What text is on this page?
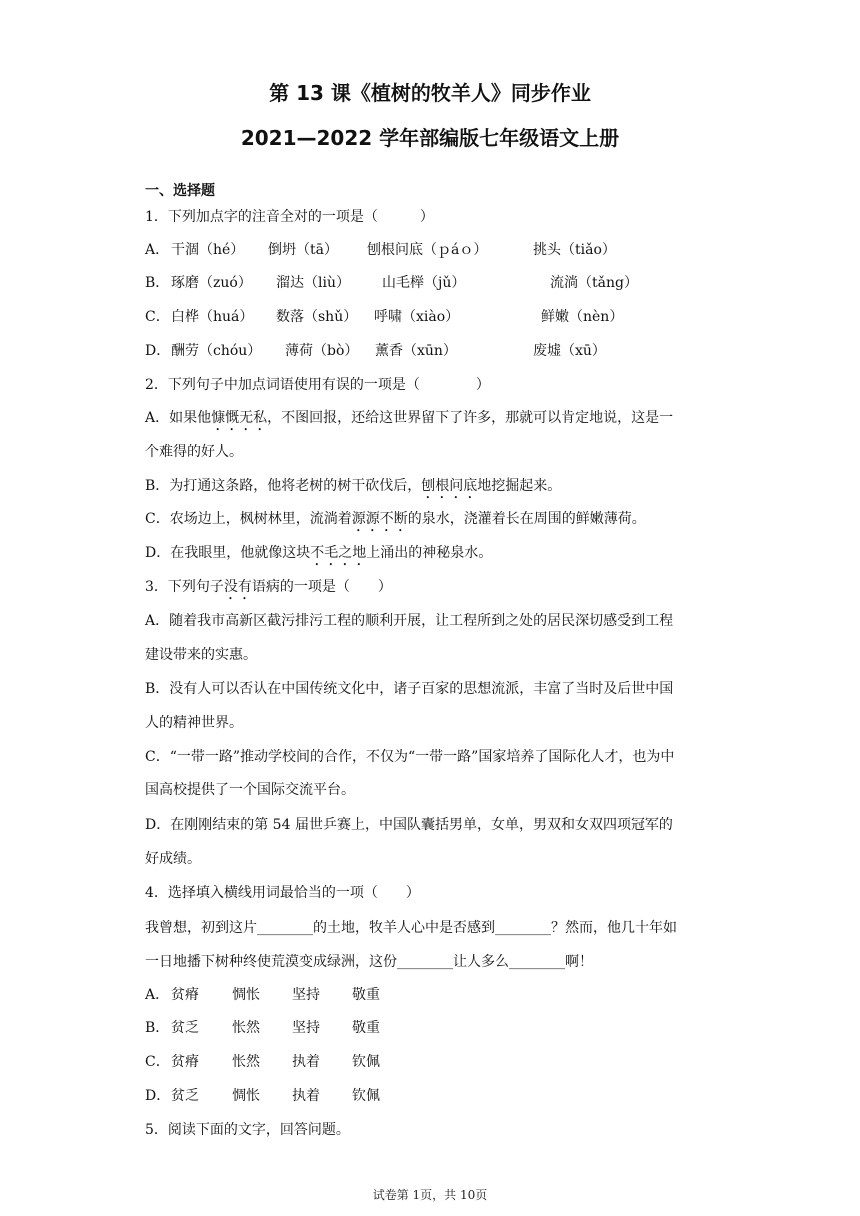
第 13 课《植树的牧羊人》同步作业
2021—2022 学年部编版七年级语文上册
一、选择题
1．下列加点字的注音全对的一项是（　　　）
A． 干涸（hé） 倒坍（tā） 刨根问底（ｐáｏ）	挑头（tiǎo）
B． 琢磨（zuó） 溜达（liù） 山毛榉（jǔ）	流淌（tǎng）
C． 白桦（huá） 数落（shǔ） 呼啸（xiào）	鲜嫩（nèn）
D． 酬劳（chóu） 薄荷（bò） 薰香（xūn）	废墟（xū）
2．下列句子中加点词语使用有误的一项是（　　　　）
A．如果他慷慨无私，不图回报，还给这世界留下了许多，那就可以肯定地说，这是一
个难得的好人。
B．为打通这条路，他将老树的树干砍伐后，刨根问底地挖掘起来。
C．农场边上，枫树林里，流淌着源源不断的泉水，浇灌着长在周围的鲜嫩薄荷。
D．在我眼里，他就像这块不毛之地上涌出的神秘泉水。
3．下列句子没有语病的一项是（　　）
A．随着我市高新区截污排污工程的顺利开展，让工程所到之处的居民深切感受到工程
建设带来的实惠。
B．没有人可以否认在中国传统文化中，诸子百家的思想流派，丰富了当时及后世中国
人的精神世界。
C．“一带一路”推动学校间的合作，不仅为“一带一路”国家培养了国际化人才，也为中
国高校提供了一个国际交流平台。
D．在刚刚结束的第 54 届世乒赛上，中国队囊括男单，女单，男双和女双四项冠军的
好成绩。
4．选择填入横线用词最恰当的一项（　　）
我曾想，初到这片________的土地，牧羊人心中是否感到________？然而，他几十年如
一日地播下树种终使荒漠变成绿洲，这份________让人多么________啊！
A． 贫瘠 惆怅 坚持 敬重
B． 贫乏 怅然 坚持 敬重
C． 贫瘠 怅然 执着 钦佩
D． 贫乏 惆怅 执着 钦佩
5．阅读下面的文字，回答问题。
试卷第 1页，共 10页
